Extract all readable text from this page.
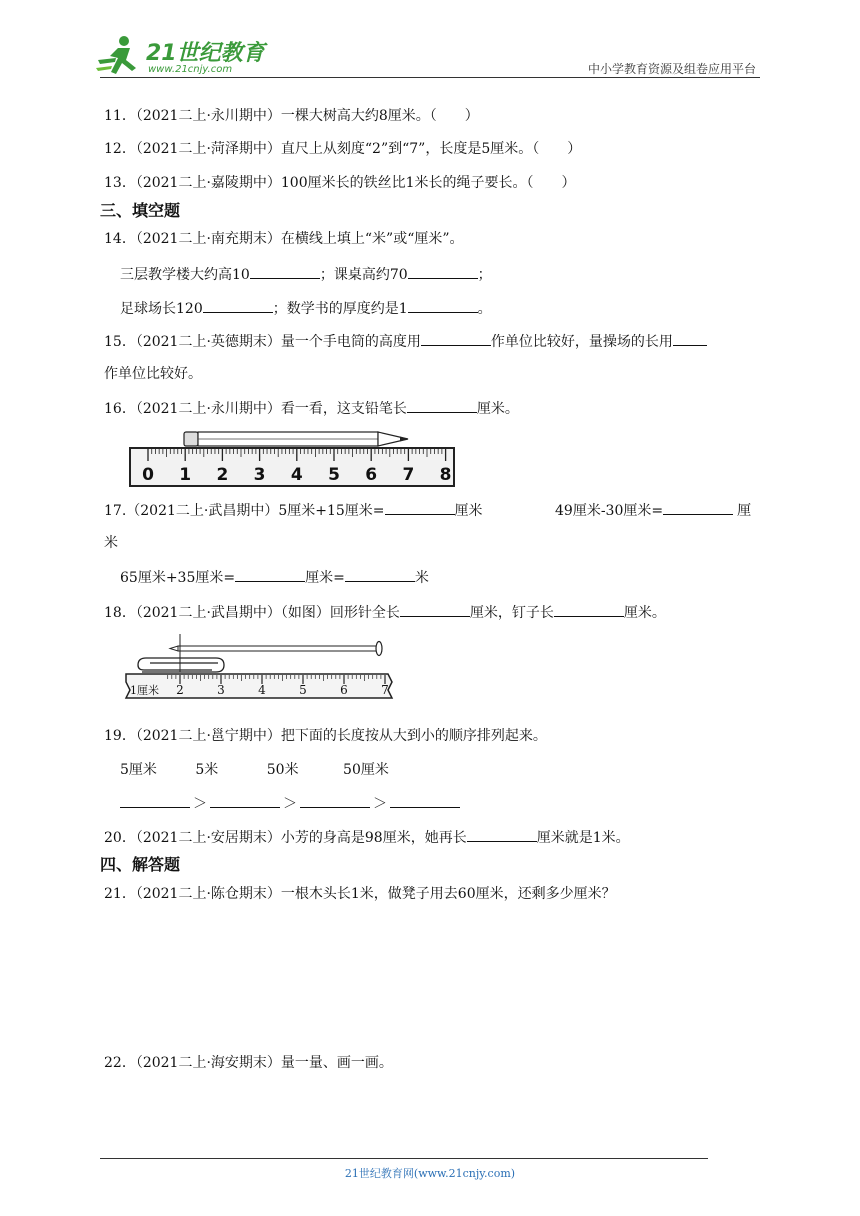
21世纪教育
www.21cnjy.com	中小学教育资源及组卷应用平台
11．（2021二上·永川期中）一棵大树高大约8厘米。（　　）
12．（2021二上·菏泽期中）直尺上从刻度“2”到“7”，长度是5厘米。（　　）
13．（2021二上·嘉陵期中）100厘米长的铁丝比1米长的绳子要长。（　　）
三、填空题
14．（2021二上·南充期末）在横线上填上“米”或“厘米”。
三层教学楼大约高10	；课桌高约70	；
足球场长120	；数学书的厚度约是1	。
15．（2021二上·英德期末）量一个手电筒的高度用	作单位比较好，量操场的长用
作单位比较好。
16．（2021二上·永川期中）看一看，这支铅笔长	厘米。
0 1 2 3 4 5 6 7 8
17.（2021二上·武昌期中）5厘米+15厘米=	厘米	49厘米-30厘米=	厘
米
65厘米+35厘米=	厘米=	米
18．（2021二上·武昌期中）（如图）回形针全长	厘米，钉子长	厘米。
2	3	4	5	6	7
1厘米
19．（2021二上·邕宁期中）把下面的长度按从大到小的顺序排列起来。
5厘米	5米	50米	50厘米
＞	＞	＞
20．（2021二上·安居期末）小芳的身高是98厘米，她再长	厘米就是1米。
四、解答题
21．（2021二上·陈仓期末）一根木头长1米，做凳子用去60厘米，还剩多少厘米？
22．（2021二上·海安期末）量一量、画一画。
21世纪教育网(www.21cnjy.com)
